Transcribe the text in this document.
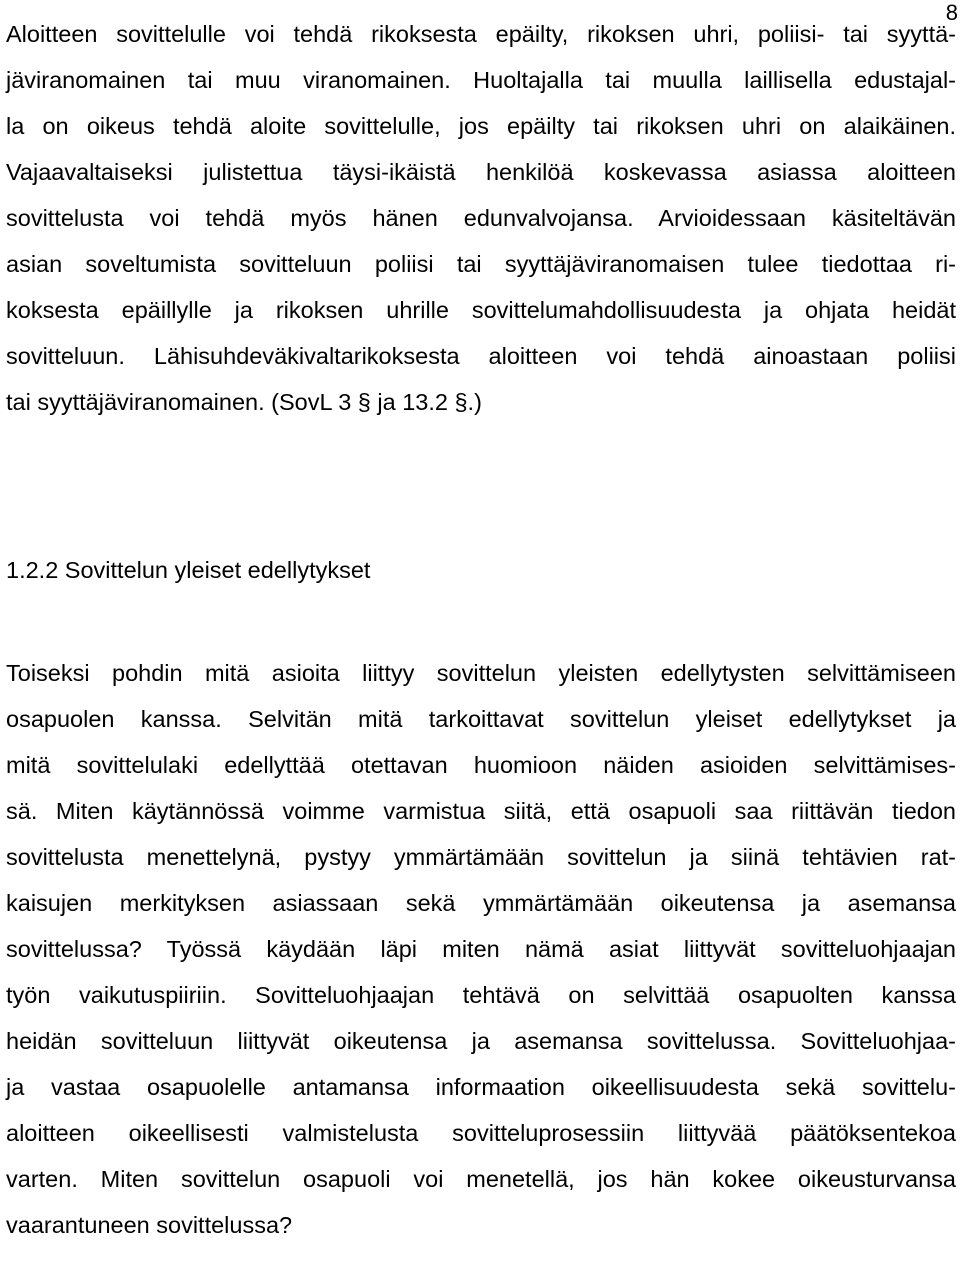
8
Aloitteen sovittelulle voi tehdä rikoksesta epäilty, rikoksen uhri, poliisi- tai syyttä-
jäviranomainen tai muu viranomainen. Huoltajalla tai muulla laillisella edustajal-
la on oikeus tehdä aloite sovittelulle, jos epäilty tai rikoksen uhri on alaikäinen.
Vajaavaltaiseksi julistettua täysi-ikäistä henkilöä koskevassa asiassa aloitteen
sovittelusta voi tehdä myös hänen edunvalvojansa. Arvioidessaan käsiteltävän
asian soveltumista sovitteluun poliisi tai syyttäjäviranomaisen tulee tiedottaa ri-
koksesta epäillylle ja rikoksen uhrille sovittelumahdollisuudesta ja ohjata heidät
sovitteluun. Lähisuhdeväkivaltarikoksesta aloitteen voi tehdä ainoastaan poliisi
tai syyttäjäviranomainen. (SovL 3 § ja 13.2 §.)
1.2.2 Sovittelun yleiset edellytykset
Toiseksi pohdin mitä asioita liittyy sovittelun yleisten edellytysten selvittämiseen
osapuolen kanssa. Selvitän mitä tarkoittavat sovittelun yleiset edellytykset ja
mitä sovittelulaki edellyttää otettavan huomioon näiden asioiden selvittämises-
sä. Miten käytännössä voimme varmistua siitä, että osapuoli saa riittävän tiedon
sovittelusta menettelynä, pystyy ymmärtämään sovittelun ja siinä tehtävien rat-
kaisujen merkityksen asiassaan sekä ymmärtämään oikeutensa ja asemansa
sovittelussa? Työssä käydään läpi miten nämä asiat liittyvät sovitteluohjaajan
työn vaikutuspiiriin. Sovitteluohjaajan tehtävä on selvittää osapuolten kanssa
heidän sovitteluun liittyvät oikeutensa ja asemansa sovittelussa. Sovitteluohjaa-
ja vastaa osapuolelle antamansa informaation oikeellisuudesta sekä sovittelu-
aloitteen oikeellisesti valmistelusta sovitteluprosessiin liittyvää päätöksentekoa
varten. Miten sovittelun osapuoli voi menetellä, jos hän kokee oikeusturvansa
vaarantuneen sovittelussa?
